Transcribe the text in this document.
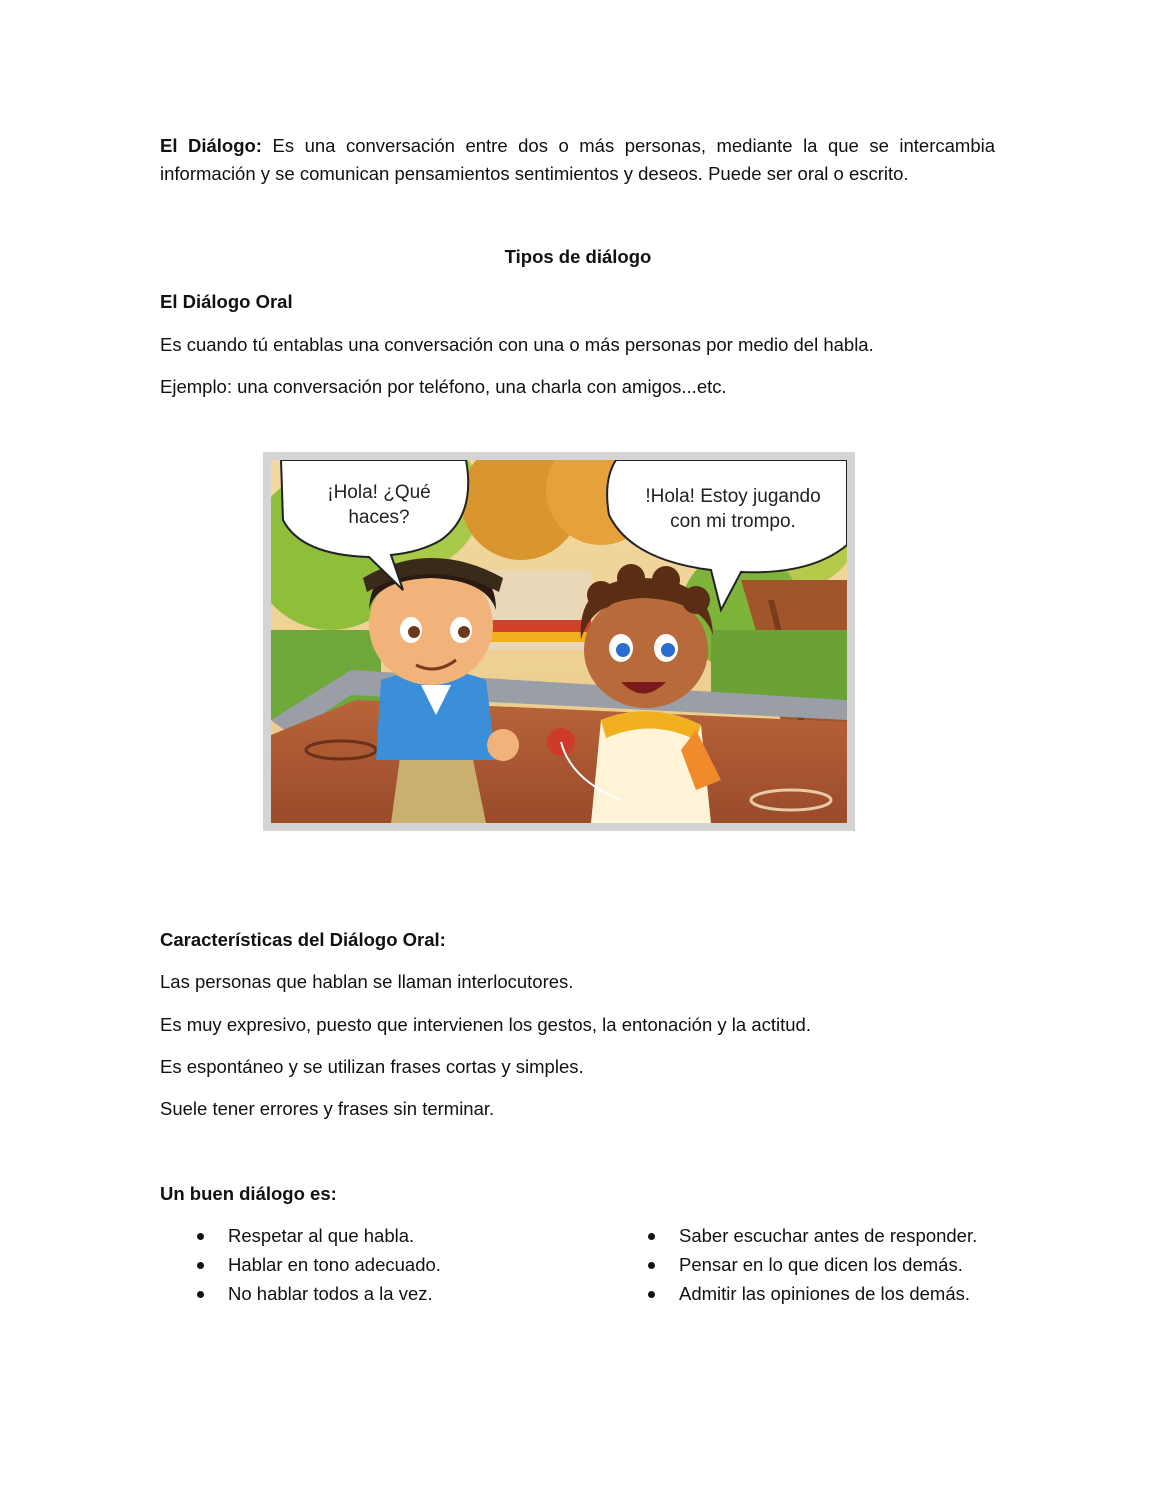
El Diálogo: Es una conversación entre dos o más personas, mediante la que se intercambia información y se comunican pensamientos sentimientos y deseos. Puede ser oral o escrito.

Tipos de diálogo

El Diálogo Oral

Es cuando tú entablas una conversación con una o más personas por medio del habla.

Ejemplo: una conversación por teléfono, una charla con amigos...etc.

¡Hola! ¿Qué
haces?
!Hola! Estoy jugando
con mi trompo.

Características del Diálogo Oral:

Las personas que hablan se llaman interlocutores.

Es muy expresivo, puesto que intervienen los gestos, la entonación y la actitud.

Es espontáneo y se utilizan frases cortas y simples.

Suele tener errores y frases sin terminar.

Un buen diálogo es:

Respetar al que habla.
Hablar en tono adecuado.
No hablar todos a la vez.
Saber escuchar antes de responder.
Pensar en lo que dicen los demás.
Admitir las opiniones de los demás.
